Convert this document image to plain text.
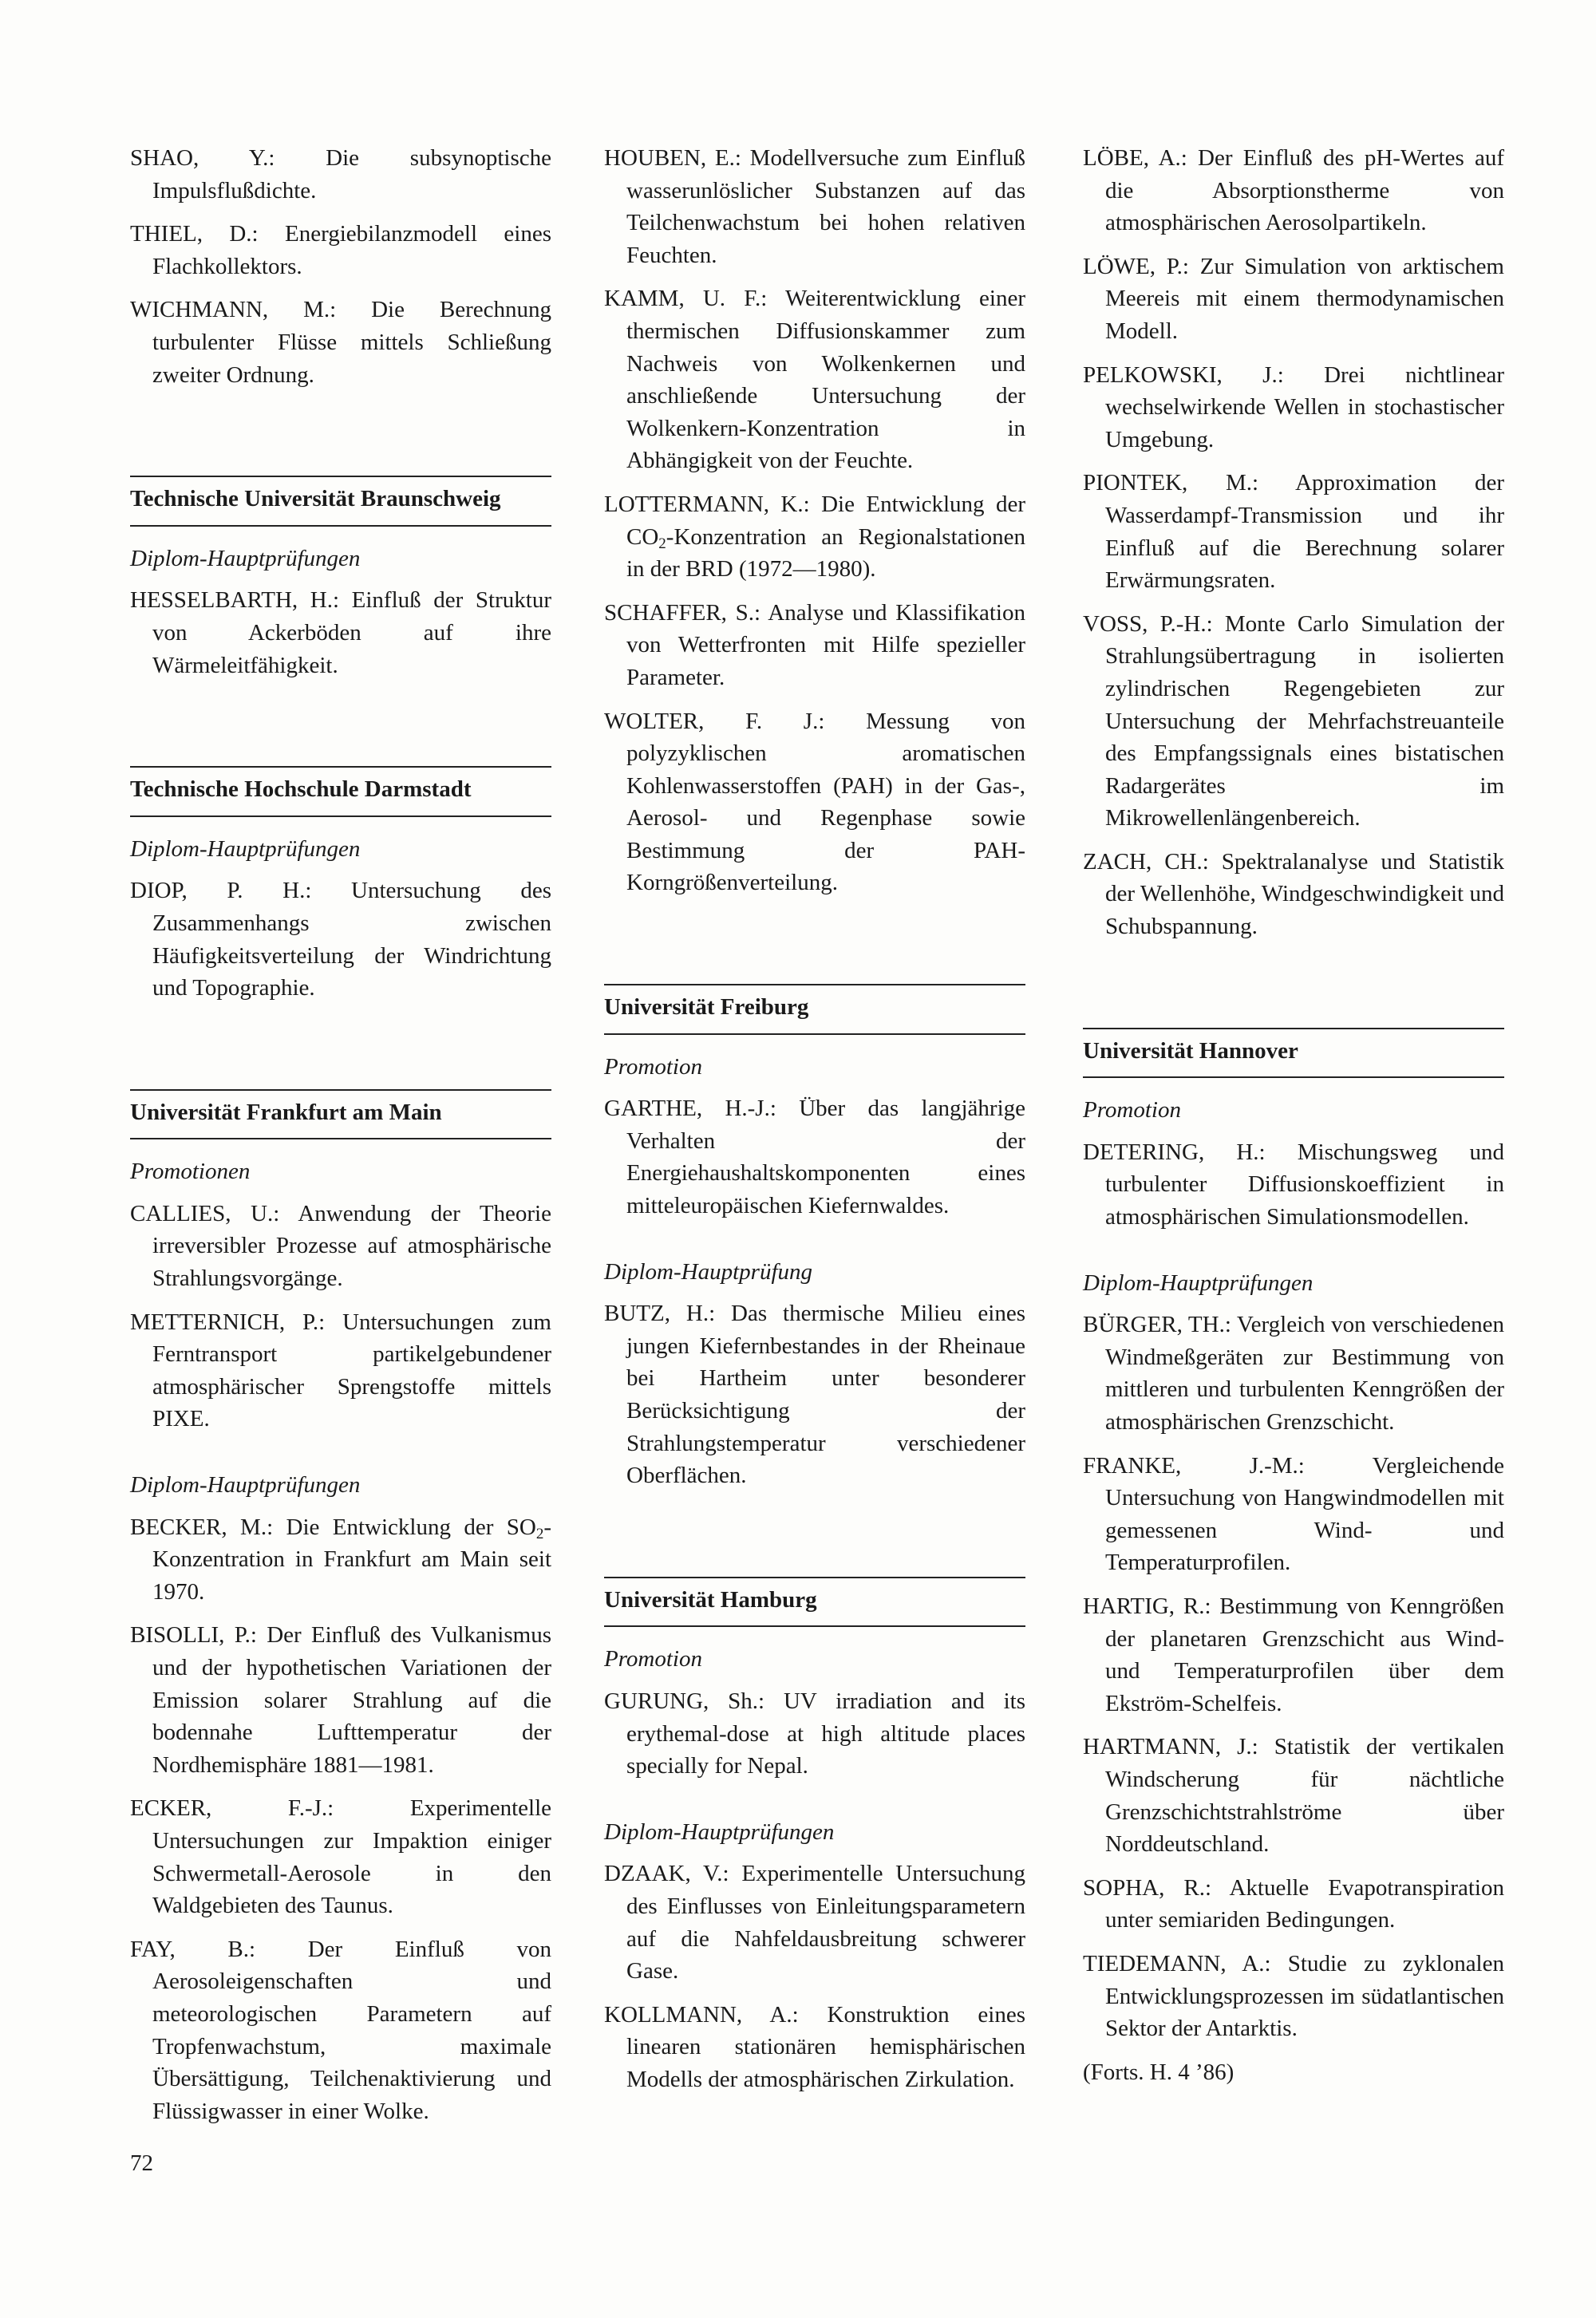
SHAO, Y.: Die subsynoptische Impulsflußdichte.
THIEL, D.: Energiebilanzmodell eines Flachkollektors.
WICHMANN, M.: Die Berechnung turbulenter Flüsse mittels Schließung zweiter Ordnung.
Technische Universität Braunschweig
Diplom-Hauptprüfungen
HESSELBARTH, H.: Einfluß der Struktur von Ackerböden auf ihre Wärmeleitfähigkeit.
Technische Hochschule Darmstadt
Diplom-Hauptprüfungen
DIOP, P. H.: Untersuchung des Zusammenhangs zwischen Häufigkeitsverteilung der Windrichtung und Topographie.
Universität Frankfurt am Main
Promotionen
CALLIES, U.: Anwendung der Theorie irreversibler Prozesse auf atmosphärische Strahlungsvorgänge.
METTERNICH, P.: Untersuchungen zum Ferntransport partikelgebundener atmosphärischer Sprengstoffe mittels PIXE.
Diplom-Hauptprüfungen
BECKER, M.: Die Entwicklung der $SO_2$-Konzentration in Frankfurt am Main seit 1970.
BISOLLI, P.: Der Einfluß des Vulkanismus und der hypothetischen Variationen der Emission solarer Strahlung auf die bodennahe Lufttemperatur der Nordhemisphäre 1881—1981.
ECKER, F.-J.: Experimentelle Untersuchungen zur Impaktion einiger Schwermetall-Aerosole in den Waldgebieten des Taunus.
FAY, B.: Der Einfluß von Aerosoleigenschaften und meteorologischen Parametern auf Tropfenwachstum, maximale Übersättigung, Teilchenaktivierung und Flüssigwasser in einer Wolke.
HOUBEN, E.: Modellversuche zum Einfluß wasserunlöslicher Substanzen auf das Teilchenwachstum bei hohen relativen Feuchten.
KAMM, U. F.: Weiterentwicklung einer thermischen Diffusionskammer zum Nachweis von Wolkenkernen und anschließende Untersuchung der Wolkenkern-Konzentration in Abhängigkeit von der Feuchte.
LOTTERMANN, K.: Die Entwicklung der $CO_2$-Konzentration an Regionalstationen in der BRD (1972—1980).
SCHAFFER, S.: Analyse und Klassifikation von Wetterfronten mit Hilfe spezieller Parameter.
WOLTER, F. J.: Messung von polyzyklischen aromatischen Kohlenwasserstoffen (PAH) in der Gas-, Aerosol- und Regenphase sowie Bestimmung der PAH-Korngrößenverteilung.
Universität Freiburg
Promotion
GARTHE, H.-J.: Über das langjährige Verhalten der Energiehaushaltskomponenten eines mitteleuropäischen Kiefernwaldes.
Diplom-Hauptprüfung
BUTZ, H.: Das thermische Milieu eines jungen Kiefernbestandes in der Rheinaue bei Hartheim unter besonderer Berücksichtigung der Strahlungstemperatur verschiedener Oberflächen.
Universität Hamburg
Promotion
GURUNG, Sh.: UV irradiation and its erythemal-dose at high altitude places specially for Nepal.
Diplom-Hauptprüfungen
DZAAK, V.: Experimentelle Untersuchung des Einflusses von Einleitungsparametern auf die Nahfeldausbreitung schwerer Gase.
KOLLMANN, A.: Konstruktion eines linearen stationären hemisphärischen Modells der atmosphärischen Zirkulation.
LÖBE, A.: Der Einfluß des pH-Wertes auf die Absorptionstherme von atmosphärischen Aerosolpartikeln.
LÖWE, P.: Zur Simulation von arktischem Meereis mit einem thermodynamischen Modell.
PELKOWSKI, J.: Drei nichtlinear wechselwirkende Wellen in stochastischer Umgebung.
PIONTEK, M.: Approximation der Wasserdampf-Transmission und ihr Einfluß auf die Berechnung solarer Erwärmungsraten.
VOSS, P.-H.: Monte Carlo Simulation der Strahlungsübertragung in isolierten zylindrischen Regengebieten zur Untersuchung der Mehrfachstreuanteile des Empfangssignals eines bistatischen Radargerätes im Mikrowellenlängenbereich.
ZACH, CH.: Spektralanalyse und Statistik der Wellenhöhe, Windgeschwindigkeit und Schubspannung.
Universität Hannover
Promotion
DETERING, H.: Mischungsweg und turbulenter Diffusionskoeffizient in atmosphärischen Simulationsmodellen.
Diplom-Hauptprüfungen
BÜRGER, TH.: Vergleich von verschiedenen Windmeßgeräten zur Bestimmung von mittleren und turbulenten Kenngrößen der atmosphärischen Grenzschicht.
FRANKE, J.-M.: Vergleichende Untersuchung von Hangwindmodellen mit gemessenen Wind- und Temperaturprofilen.
HARTIG, R.: Bestimmung von Kenngrößen der planetaren Grenzschicht aus Wind- und Temperaturprofilen über dem Ekström-Schelfeis.
HARTMANN, J.: Statistik der vertikalen Windscherung für nächtliche Grenzschichtstrahlströme über Norddeutschland.
SOPHA, R.: Aktuelle Evapotranspiration unter semiariden Bedingungen.
TIEDEMANN, A.: Studie zu zyklonalen Entwicklungsprozessen im südatlantischen Sektor der Antarktis.
(Forts. H. 4 ’86)
72
